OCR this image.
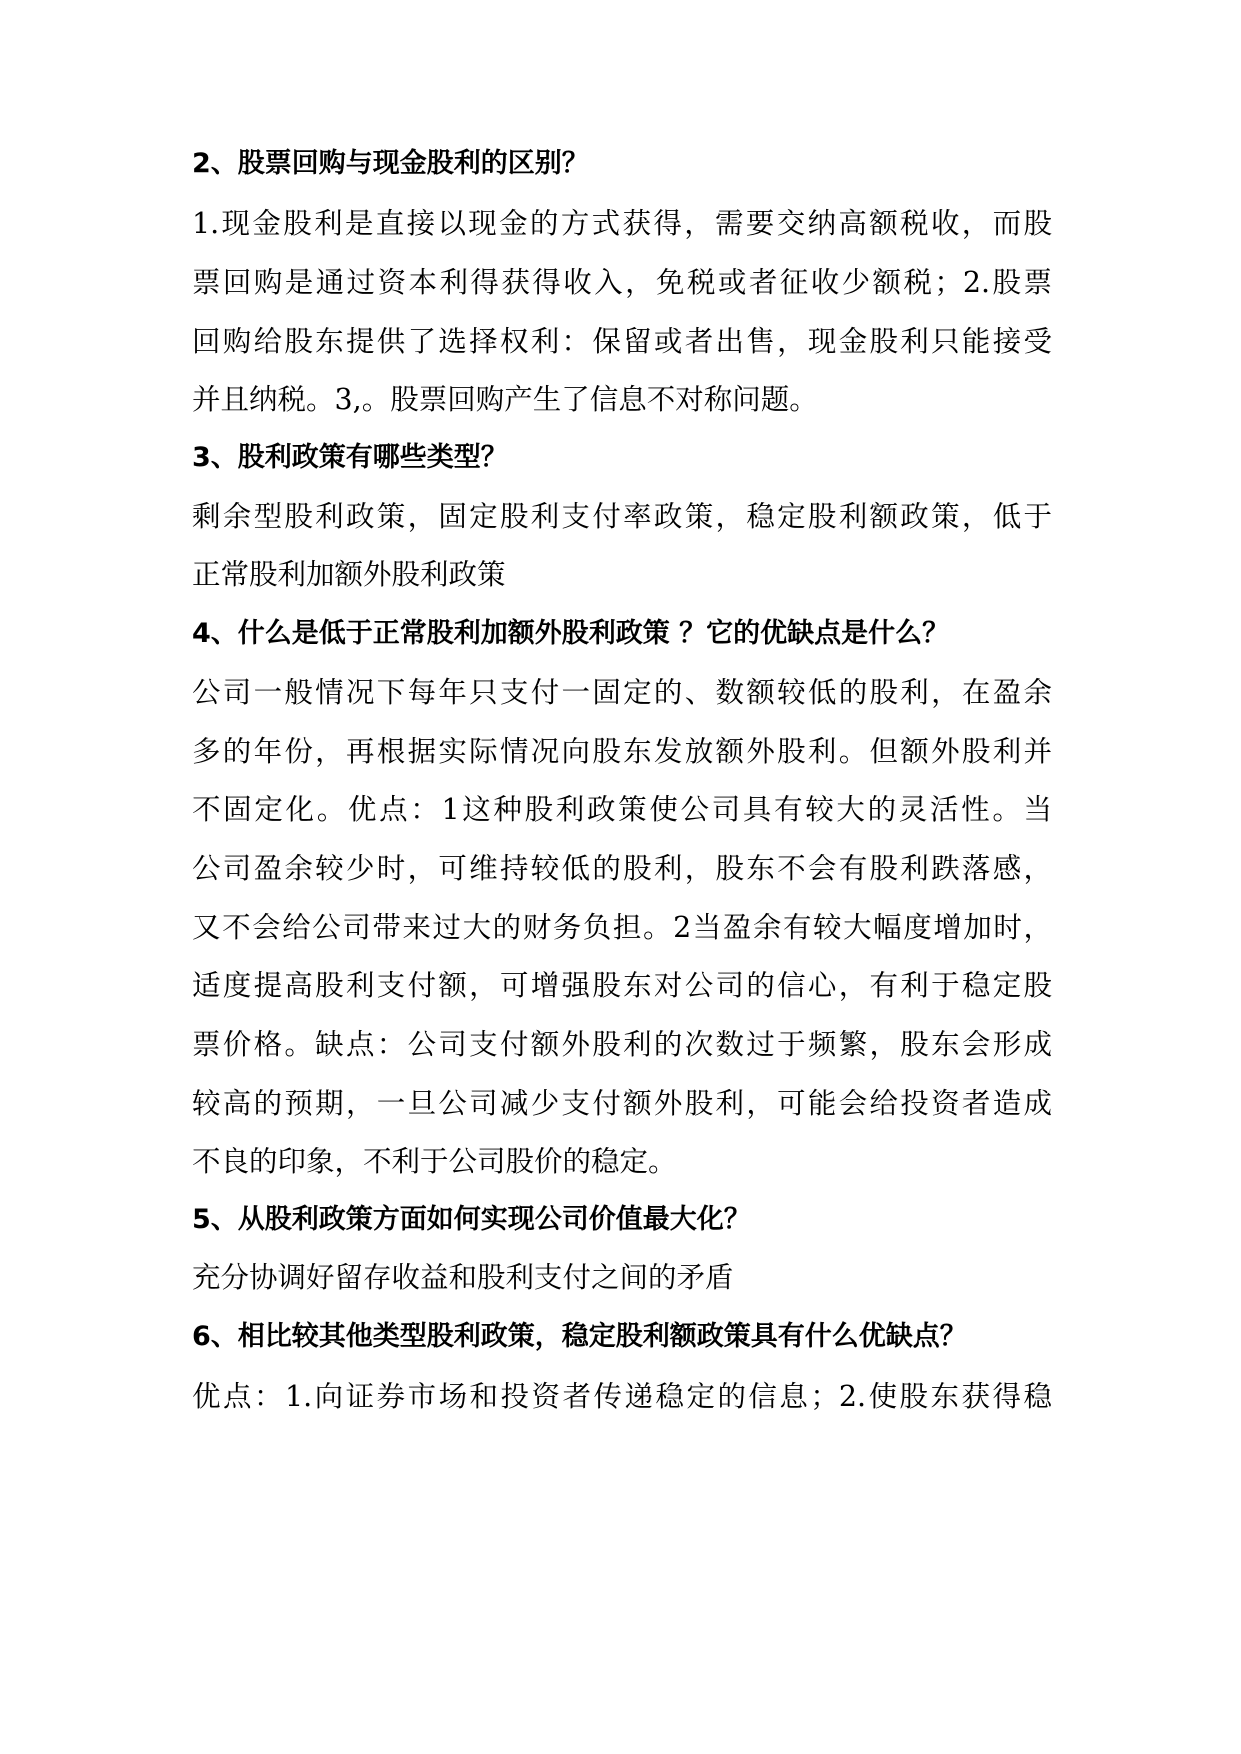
2、股票回购与现金股利的区别？
1.现金股利是直接以现金的方式获得，需要交纳高额税收，而股
票回购是通过资本利得获得收入，免税或者征收少额税；2.股票
回购给股东提供了选择权利：保留或者出售，现金股利只能接受
并且纳税。3,。股票回购产生了信息不对称问题。
3、股利政策有哪些类型？
剩余型股利政策，固定股利支付率政策，稳定股利额政策，低于
正常股利加额外股利政策
4、什么是低于正常股利加额外股利政策 ？它的优缺点是什么？
公司一般情况下每年只支付一固定的、数额较低的股利，在盈余
多的年份，再根据实际情况向股东发放额外股利。但额外股利并
不固定化。优点：1这种股利政策使公司具有较大的灵活性。当
公司盈余较少时，可维持较低的股利，股东不会有股利跌落感，
又不会给公司带来过大的财务负担。2当盈余有较大幅度增加时，
适度提高股利支付额，可增强股东对公司的信心，有利于稳定股
票价格。缺点：公司支付额外股利的次数过于频繁，股东会形成
较高的预期，一旦公司减少支付额外股利，可能会给投资者造成
不良的印象，不利于公司股价的稳定。
5、从股利政策方面如何实现公司价值最大化？
充分协调好留存收益和股利支付之间的矛盾
6、相比较其他类型股利政策，稳定股利额政策具有什么优缺点？
优点：1.向证券市场和投资者传递稳定的信息；2.使股东获得稳
